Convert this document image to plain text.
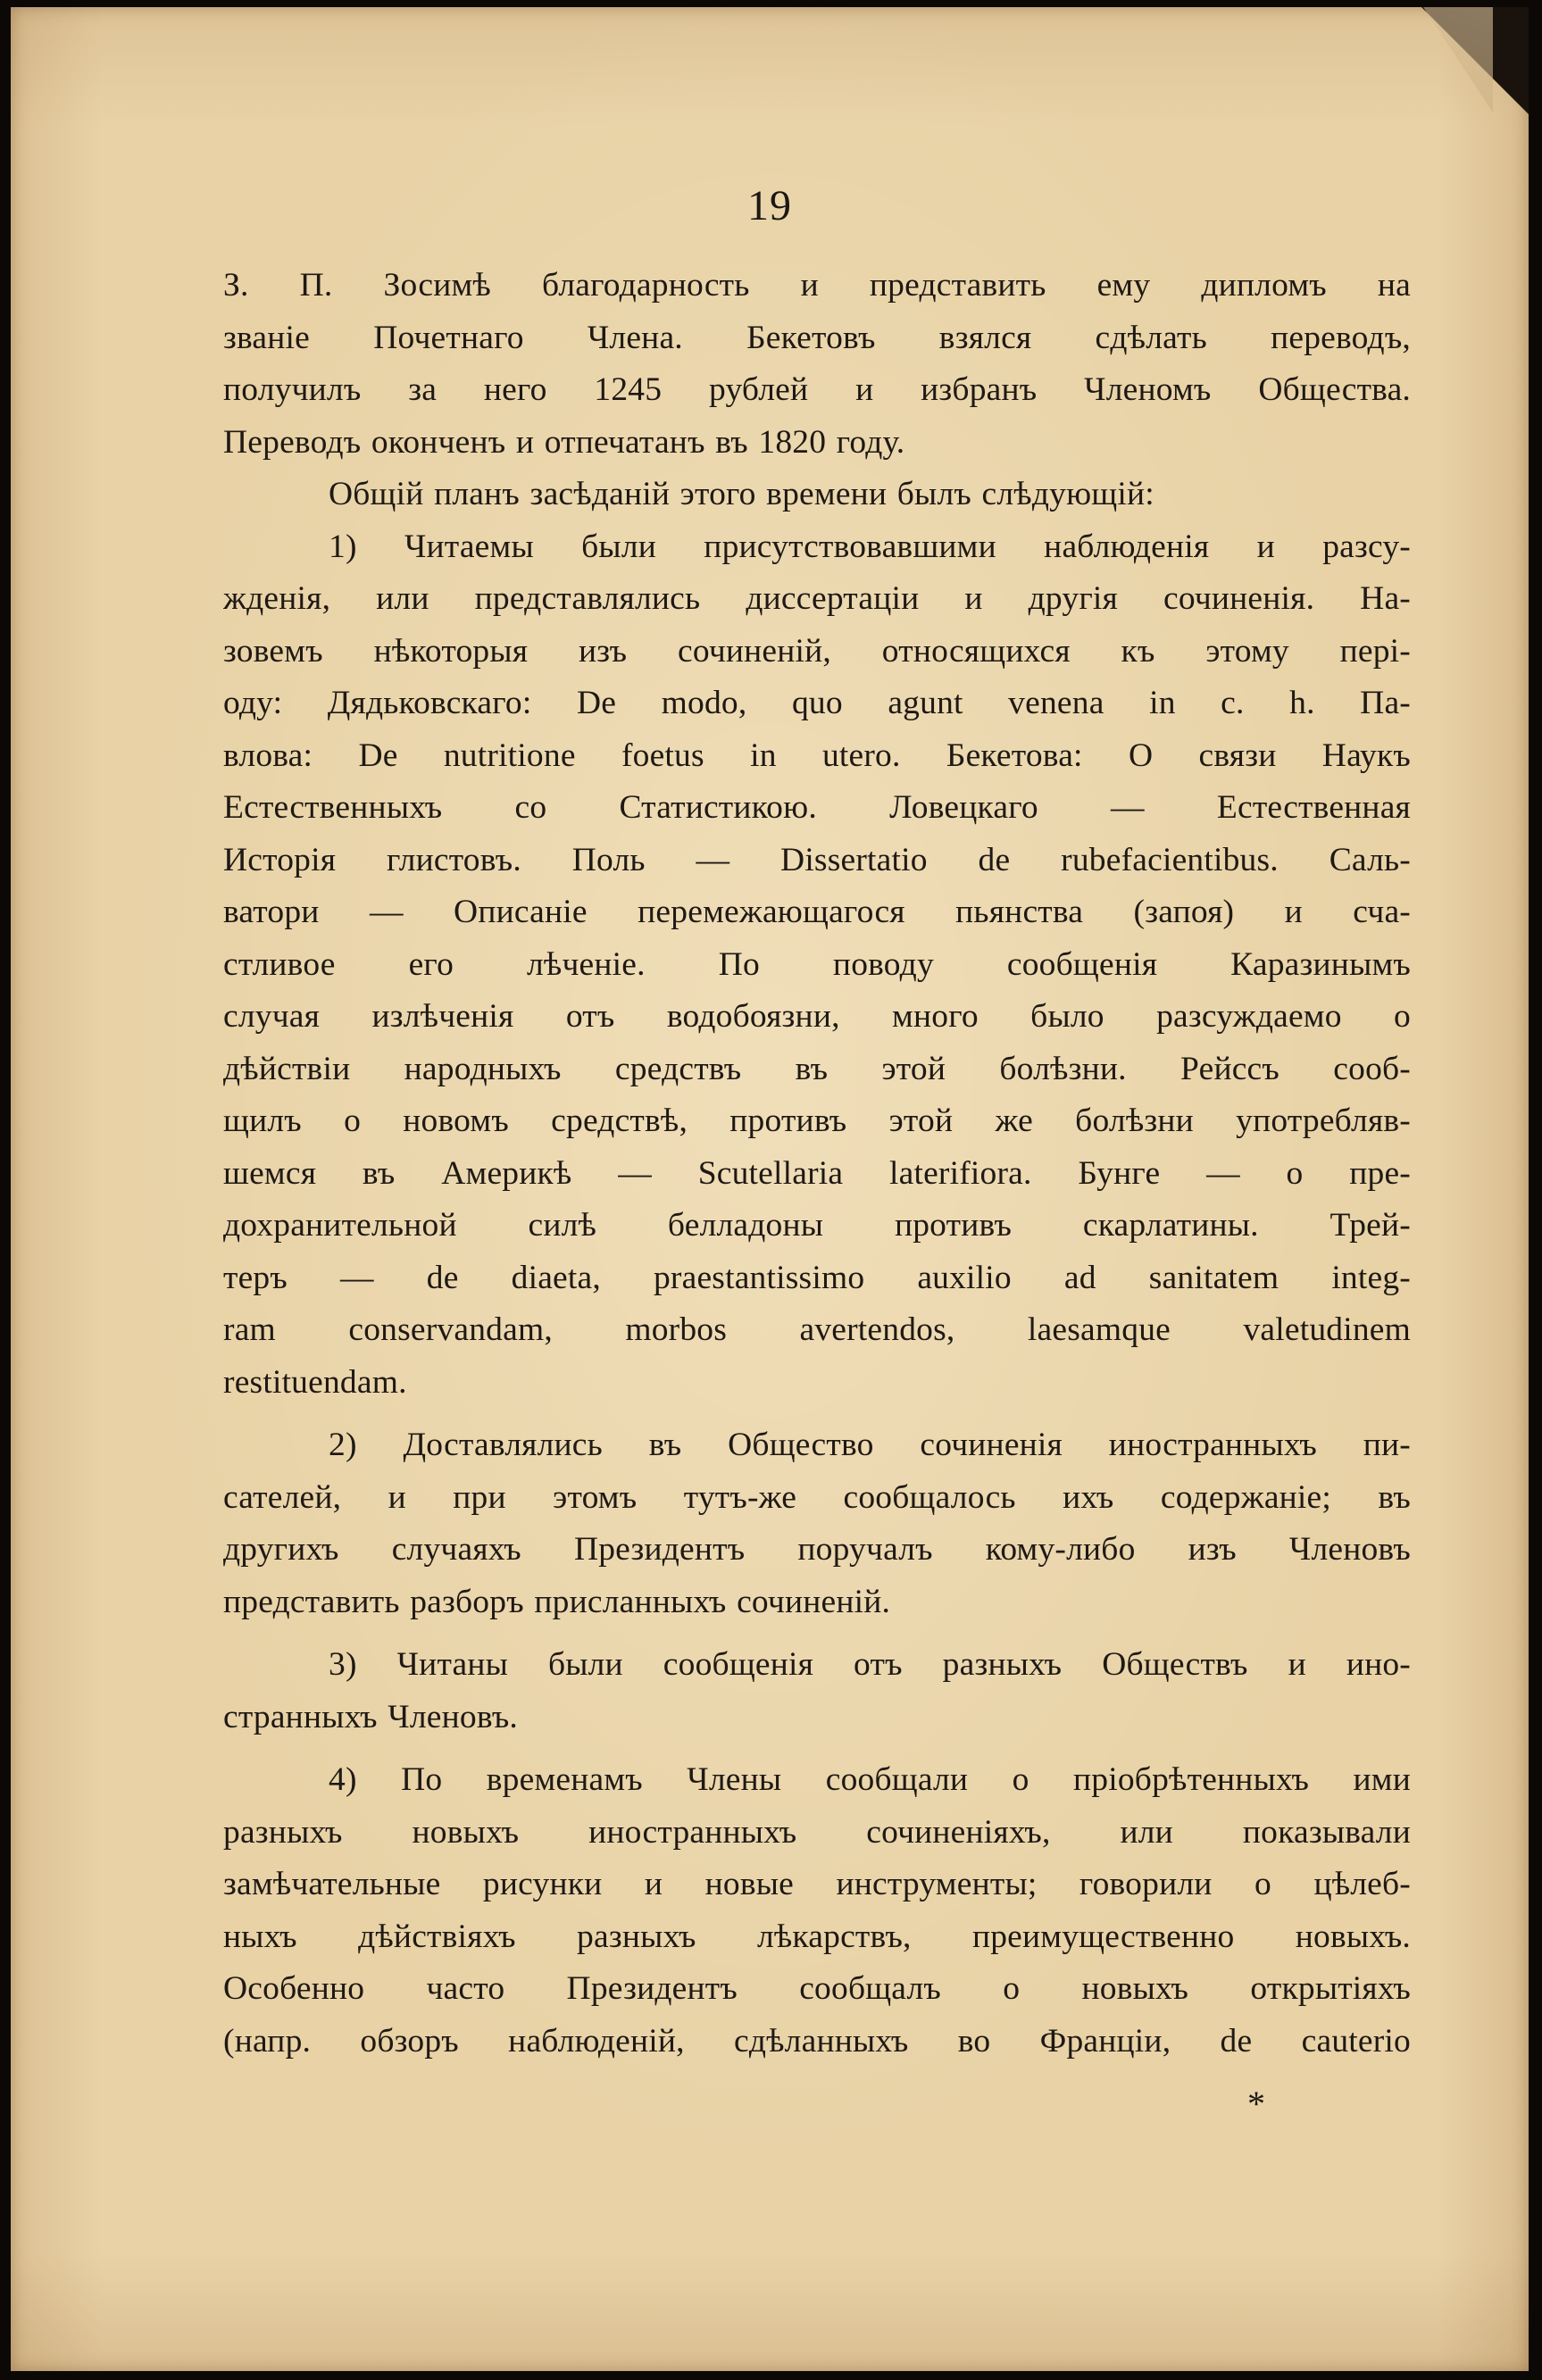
19

З. П. Зосимѣ благодарность и представить ему дипломъ на

званіе Почетнаго Члена. Бекетовъ взялся сдѣлать переводъ,

получилъ за него 1245 рублей и избранъ Членомъ Общества.

Переводъ оконченъ и отпечатанъ въ 1820 году.

Общій планъ засѣданій этого времени былъ слѣдующій:

1) Читаемы были присутствовавшими наблюденія и разсу-

жденія, или представлялись диссертаціи и другія сочиненія. На-

зовемъ нѣкоторыя изъ сочиненій, относящихся къ этому пері-

оду: Дядьковскаго: De modo, quo agunt venena in c. h. Па-

влова: De nutritione foetus in utero. Бекетова: О связи Наукъ

Естественныхъ со Статистикою. Ловецкаго — Естественная

Исторія глистовъ. Поль — Dissertatio de rubefacientibus. Саль-

ватори — Описаніе перемежающагося пьянства (запоя) и сча-

стливое его лѣченіе. По поводу сообщенія Каразинымъ

случая излѣченія отъ водобоязни, много было разсуждаемо о

дѣйствіи народныхъ средствъ въ этой болѣзни. Рейссъ сооб-

щилъ о новомъ средствѣ, противъ этой же болѣзни употребляв-

шемся въ Америкѣ — Scutellaria laterifiora. Бунге — о пре-

дохранительной силѣ белладоны противъ скарлатины. Трей-

теръ — de diaeta, praestantissimo auxilio ad sanitatem integ-

ram conservandam, morbos avertendos, laesamque valetudinem

restituendam.

2) Доставлялись въ Общество сочиненія иностранныхъ пи-

сателей, и при этомъ тутъ-же сообщалось ихъ содержаніе; въ

другихъ случаяхъ Президентъ поручалъ кому-либо изъ Членовъ

представить разборъ присланныхъ сочиненій.

3) Читаны были сообщенія отъ разныхъ Обществъ и ино-

странныхъ Членовъ.

4) По временамъ Члены сообщали о пріобрѣтенныхъ ими

разныхъ новыхъ иностранныхъ сочиненіяхъ, или показывали

замѣчательные рисунки и новые инструменты; говорили о цѣлеб-

ныхъ дѣйствіяхъ разныхъ лѣкарствъ, преимущественно новыхъ.

Особенно часто Президентъ сообщалъ о новыхъ открытіяхъ

(напр. обзоръ наблюденій, сдѣланныхъ во Франціи, de cauterio

*
